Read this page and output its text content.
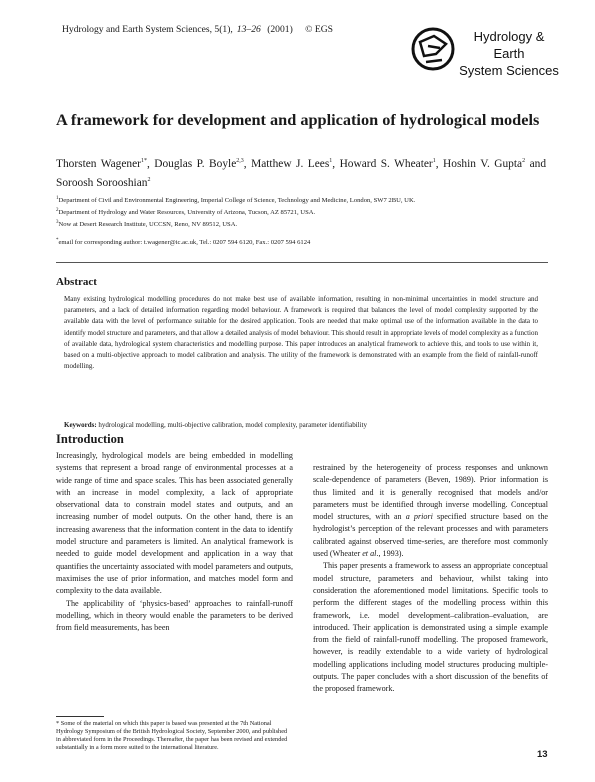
Hydrology and Earth System Sciences, 5(1), 13–26 (2001) © EGS	Hydrology & Earth
System Sciences
A framework for development and application of hydrological models
Thorsten Wagener$^{1*}$, Douglas P. Boyle$^{2,3}$, Matthew J. Lees$^1$, Howard S. Wheater$^1$, Hoshin V. Gupta$^2$ and Soroosh Sorooshian$^2$
$^1$Department of Civil and Environmental Engineering, Imperial College of Science, Technology and Medicine, London, SW7 2BU, UK.
$^2$Department of Hydrology and Water Resources, University of Arizona, Tucson, AZ 85721, USA.
$^3$Now at Desert Research Institute, UCCSN, Reno, NV 89512, USA.
*email for corresponding author: t.wagener@ic.ac.uk, Tel.: 0207 594 6120, Fax.: 0207 594 6124
Abstract
Many existing hydrological modelling procedures do not make best use of available information, resulting in non-minimal uncertainties in model structure and parameters, and a lack of detailed information regarding model behaviour. A framework is required that balances the level of model complexity supported by the available data with the level of performance suitable for the desired application. Tools are needed that make optimal use of the information available in the data to identify model structure and parameters, and that allow a detailed analysis of model behaviour. This should result in appropriate levels of model complexity as a function of available data, hydrological system characteristics and modelling purpose. This paper introduces an analytical framework to achieve this, and tools to use within it, based on a multi-objective approach to model calibration and analysis. The utility of the framework is demonstrated with an example from the field of rainfall-runoff modelling.
Keywords: hydrological modelling, multi-objective calibration, model complexity, parameter identifiability
Introduction

Increasingly, hydrological models are being embedded in modelling systems that represent a broad range of environmental processes at a wide range of time and space scales. This has been associated generally with an increase in model complexity, a lack of appropriate observational data to constrain model states and outputs, and an increasing number of model outputs. On the other hand, there is an increasing awareness that the information content in the data to identify model structure and parameters is limited. An analytical framework is needed to guide model development and application in a way that quantifies the uncertainty associated with model parameters and outputs, maximises the use of prior information, and matches model form and complexity to the data available.

The applicability of ‘physics-based’ approaches to rainfall-runoff modelling, which in theory would enable the parameters to be derived from field measurements, has been

restrained by the heterogeneity of process responses and unknown scale-dependence of parameters (Beven, 1989). Prior information is thus limited and it is generally recognised that models and/or parameters must be identified through inverse modelling. Conceptual model structures, with an a priori specified structure based on the hydrologist’s perception of the relevant processes and with parameters calibrated against observed time-series, are therefore most commonly used (Wheater et al., 1993).

This paper presents a framework to assess an appropriate conceptual model structure, parameters and behaviour, whilst taking into consideration the aforementioned model limitations. Specific tools to perform the different stages of the modelling process within this framework, i.e. model development–calibration–evaluation, are introduced. Their application is demonstrated using a simple example from the field of rainfall-runoff modelling. The proposed framework, however, is readily extendable to a wide variety of hydrological modelling applications including model structures producing multiple-outputs. The paper concludes with a short discussion of the benefits of the proposed framework.

* Some of the material on which this paper is based was presented at the 7th National Hydrology Symposium of the British Hydrological Society, September 2000, and published in abbreviated form in the Proceedings. Thereafter, the paper has been revised and extended substantially in a form more suited to the international literature.
13
